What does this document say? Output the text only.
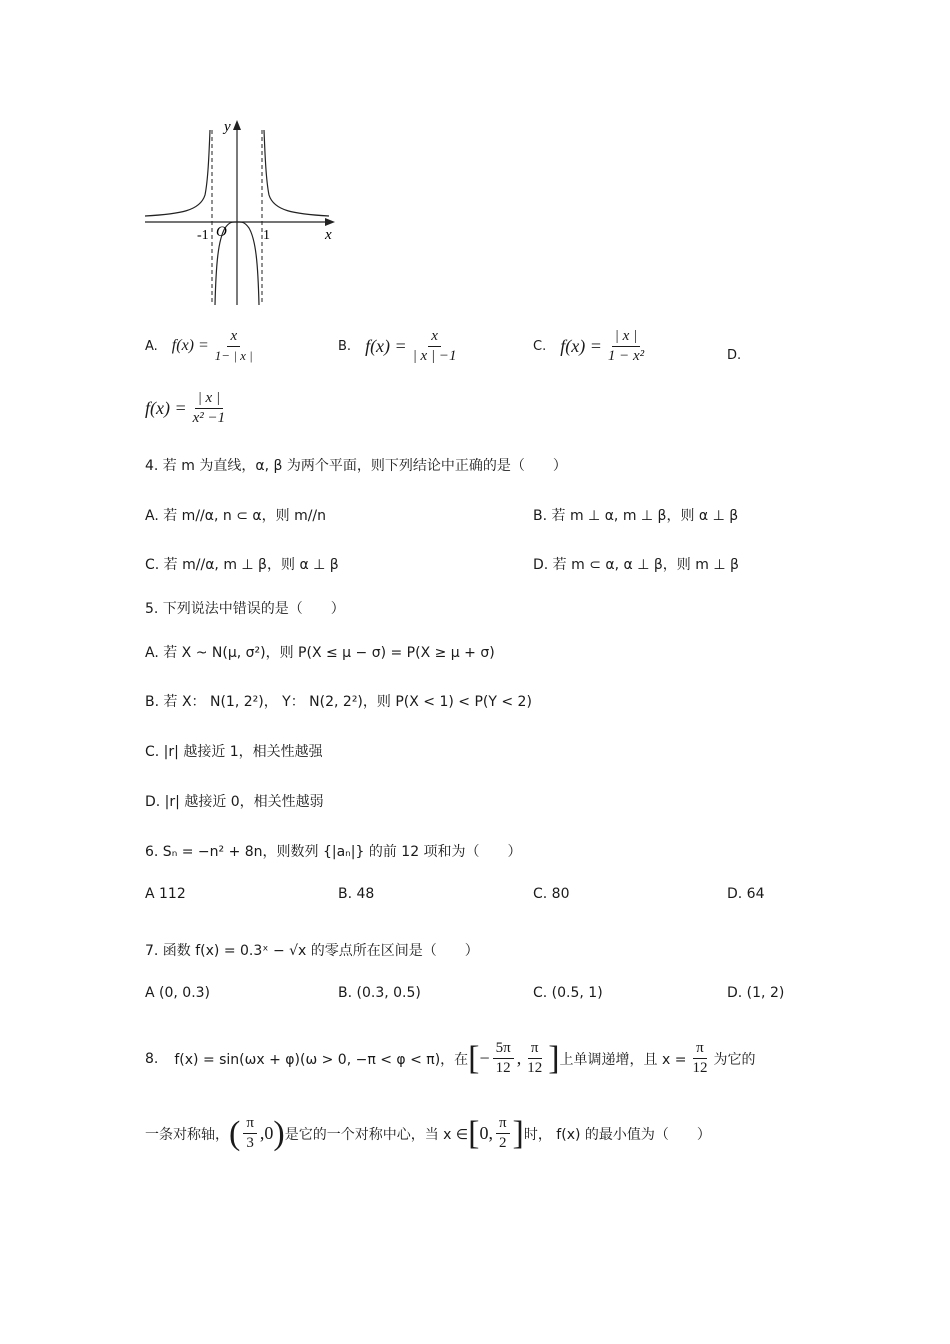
x
y
O
-1	1
A. $f(x) = \frac{x}{1- | x |}$	B. $f(x) = \frac{x}{| x | -1}$	C. $f(x) = \frac{| x |}{\text{1 − x²}}$	D.
$f(x) = \frac{| x |}{\text{x² −1}}$
4. 若 m 为直线，α, β 为两个平面，则下列结论中正确的是（　　）
A. 若 m//α, n ⊂ α，则 m//n	B. 若 m ⊥ α, m ⊥ β，则 α ⊥ β
C. 若 m//α, m ⊥ β，则 α ⊥ β	D. 若 m ⊂ α, α ⊥ β，则 m ⊥ β
5. 下列说法中错误的是（　　）
A. 若 X ~ N(μ, σ²)，则 P(X ≤ μ − σ) = P(X ≥ μ + σ)
B. 若 X： N(1, 2²)， Y： N(2, 2²)，则 P(X < 1) < P(Y < 2)
C. |r| 越接近 1，相关性越强
D. |r| 越接近 0，相关性越弱
6. Sₙ = −n² + 8n，则数列 {|aₙ|} 的前 12 项和为（　　）
A 112	B. 48	C. 80	D. 64
7. 函数 f(x) = 0.3ˣ − √x 的零点所在区间是（　　）
A (0, 0.3)	B. (0.3, 0.5)	C. (0.5, 1)	D. (1, 2)
8. f(x) = sin(ωx + φ)(ω > 0, −π < φ < π)，在 [ − $\frac{5\pi}{12}$ , $\frac{\pi}{12}$ ] 上单调递增，且 $x = \frac{\pi}{12}$ 为它的
一条对称轴， ( $\frac{\pi}{3} ,0$ ) 是它的一个对称中心，当 x ∈ [ 0, $\frac{\pi}{2}$ ] 时， f(x) 的最小值为（　　）
